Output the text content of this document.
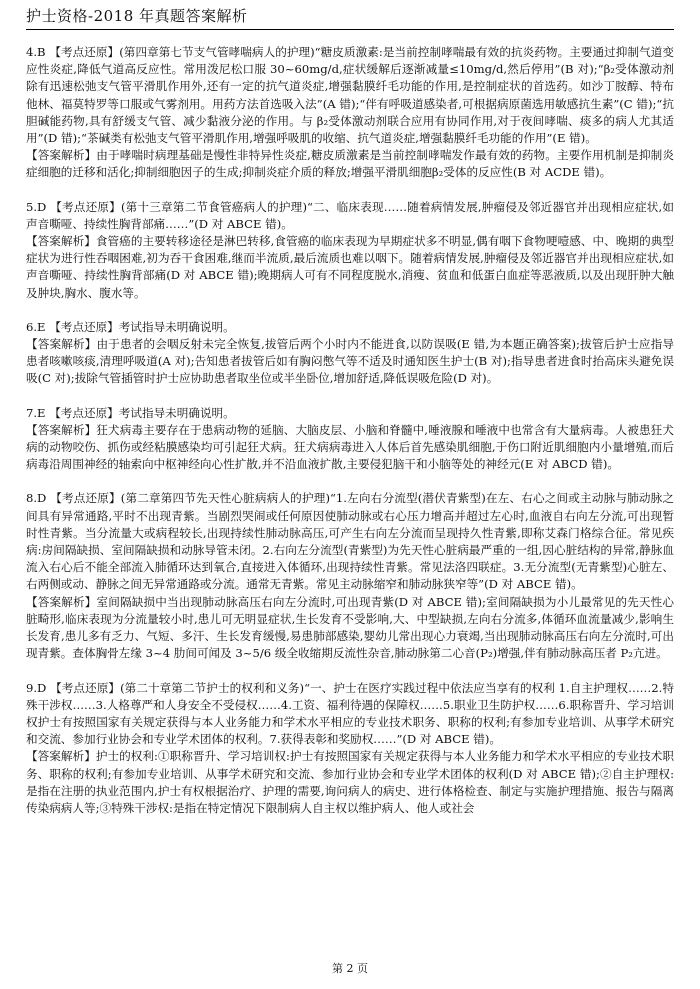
护士资格-2018 年真题答案解析

4.B 【考点还原】(第四章第七节支气管哮喘病人的护理)“糖皮质激素:是当前控制哮喘最有效的抗炎药物。主要通过抑制气道变应性炎症,降低气道高反应性。常用泼尼松口服 30~60mg/d,症状缓解后逐渐减量≤10mg/d,然后停用”(B 对);“β₂受体激动剂除有迅速松弛支气管平滑肌作用外,还有一定的抗气道炎症,增强黏膜纤毛功能的作用,是控制症状的首选药。如沙丁胺醇、特布他林、福莫特罗等口服或气雾剂用。用药方法首选吸入法”(A 错);“伴有呼吸道感染者,可根据病原菌选用敏感抗生素”(C 错);“抗胆碱能药物,具有舒缓支气管、减少黏液分泌的作用。与 β₂受体激动剂联合应用有协同作用,对于夜间哮喘、痰多的病人尤其适用”(D 错);“茶碱类有松弛支气管平滑肌作用,增强呼吸肌的收缩、抗气道炎症,增强黏膜纤毛功能的作用”(E 错)。

【答案解析】由于哮喘时病理基础是慢性非特异性炎症,糖皮质激素是当前控制哮喘发作最有效的药物。主要作用机制是抑制炎症细胞的迁移和活化;抑制细胞因子的生成;抑制炎症介质的释放;增强平滑肌细胞β₂受体的反应性(B 对 ACDE 错)。

5.D 【考点还原】(第十三章第二节食管癌病人的护理)“二、临床表现……随着病情发展,肿瘤侵及邻近器官并出现相应症状,如声音嘶哑、持续性胸背部痛……”(D 对 ABCE 错)。

【答案解析】食管癌的主要转移途径是淋巴转移,食管癌的临床表现为早期症状多不明显,偶有咽下食物哽噎感、中、晚期的典型症状为进行性吞咽困难,初为吞干食困难,继而半流质,最后流质也难以咽下。随着病情发展,肿瘤侵及邻近器官并出现相应症状,如声音嘶哑、持续性胸背部痛(D 对 ABCE 错);晚期病人可有不同程度脱水,消瘦、贫血和低蛋白血症等恶液质,以及出现肝肿大触及肿块,胸水、腹水等。

6.E 【考点还原】考试指导未明确说明。

【答案解析】由于患者的会咽反射未完全恢复,拔管后两个小时内不能进食,以防误吸(E 错,为本题正确答案);拔管后护士应指导患者咳嗽咳痰,清理呼吸道(A 对);告知患者拔管后如有胸闷憋气等不适及时通知医生护士(B 对);指导患者进食时抬高床头避免误吸(C 对);拔除气管插管时护士应协助患者取坐位或半坐卧位,增加舒适,降低误吸危险(D 对)。

7.E 【考点还原】考试指导未明确说明。

【答案解析】狂犬病毒主要存在于患病动物的延脑、大脑皮层、小脑和脊髓中,唾液腺和唾液中也常含有大量病毒。人被患狂犬病的动物咬伤、抓伤或经粘膜感染均可引起狂犬病。狂犬病病毒进入人体后首先感染肌细胞,于伤口附近肌细胞内小量增殖,而后病毒沿周围神经的轴索向中枢神经向心性扩散,并不沿血液扩散,主要侵犯脑干和小脑等处的神经元(E 对 ABCD 错)。

8.D 【考点还原】(第二章第四节先天性心脏病病人的护理)“1.左向右分流型(潜伏青紫型)在左、右心之间或主动脉与肺动脉之间具有异常通路,平时不出现青紫。当剧烈哭闹或任何原因使肺动脉或右心压力增高并超过左心时,血液自右向左分流,可出现暂时性青紫。当分流量大或病程较长,出现持续性肺动脉高压,可产生右向左分流而呈现持久性青紫,即称艾森门格综合征。常见疾病:房间隔缺损、室间隔缺损和动脉导管未闭。2.右向左分流型(青紫型)为先天性心脏病最严重的一组,因心脏结构的异常,静脉血流入右心后不能全部流入肺循环达到氧合,直接进入体循环,出现持续性青紫。常见法洛四联症。3.无分流型(无青紫型)心脏左、右两侧或动、静脉之间无异常通路或分流。通常无青紫。常见主动脉缩窄和肺动脉狭窄等”(D 对 ABCE 错)。

【答案解析】室间隔缺损中当出现肺动脉高压右向左分流时,可出现青紫(D 对 ABCE 错);室间隔缺损为小儿最常见的先天性心脏畸形,临床表现为分流量较小时,患儿可无明显症状,生长发育不受影响,大、中型缺损,左向右分流多,体循环血流量减少,影响生长发育,患儿多有乏力、气短、多汗、生长发育缓慢,易患肺部感染,婴幼儿常出现心力衰竭,当出现肺动脉高压右向左分流时,可出现青紫。查体胸骨左缘 3~4 肋间可闻及 3~5/6 级全收缩期反流性杂音,肺动脉第二心音(P₂)增强,伴有肺动脉高压者 P₂亢进。

9.D 【考点还原】(第二十章第二节护士的权利和义务)“一、护士在医疗实践过程中依法应当享有的权利 1.自主护理权……2.特殊干涉权……3.人格尊严和人身安全不受侵权……4.工资、福利待遇的保障权……5.职业卫生防护权……6.职称晋升、学习培训权护士有按照国家有关规定获得与本人业务能力和学术水平相应的专业技术职务、职称的权利;有参加专业培训、从事学术研究和交流、参加行业协会和专业学术团体的权利。7.获得表彰和奖励权……”(D 对 ABCE 错)。

【答案解析】护士的权利:①职称晋升、学习培训权:护士有按照国家有关规定获得与本人业务能力和学术水平相应的专业技术职务、职称的权利;有参加专业培训、从事学术研究和交流、参加行业协会和专业学术团体的权利(D 对 ABCE 错);②自主护理权:是指在注册的执业范围内,护士有权根据治疗、护理的需要,询问病人的病史、进行体格检查、制定与实施护理措施、报告与隔离传染病病人等;③特殊干涉权:是指在特定情况下限制病人自主权以维护病人、他人或社会

第 2 页
